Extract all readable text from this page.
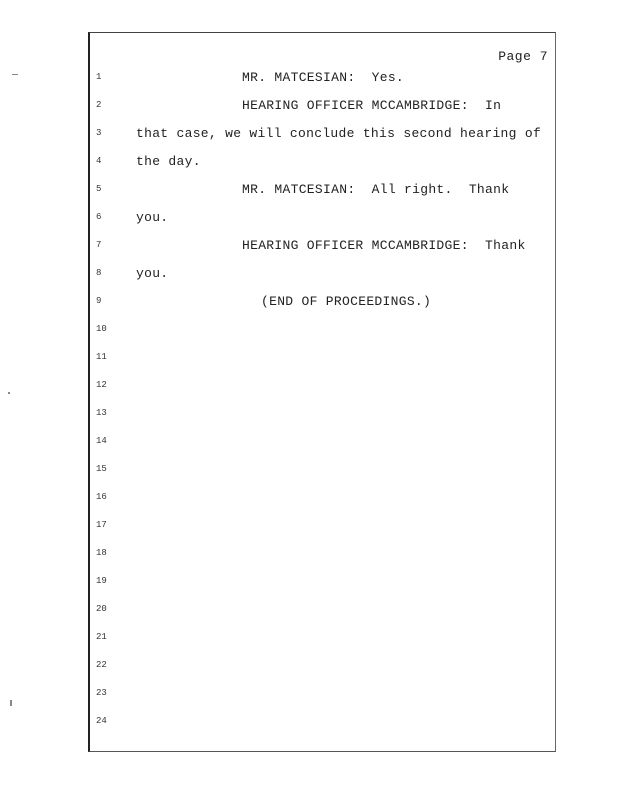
Page 7
1
2
3
4
5
6
7
8
9
10
11
12
13
14
15
16
17
18
19
20
21
22
23
24
MR. MATCESIAN:  Yes.
HEARING OFFICER MCCAMBRIDGE:  In
that case, we will conclude this second hearing of
the day.
MR. MATCESIAN:  All right.  Thank
you.
HEARING OFFICER MCCAMBRIDGE:  Thank
you.
(END OF PROCEEDINGS.)
